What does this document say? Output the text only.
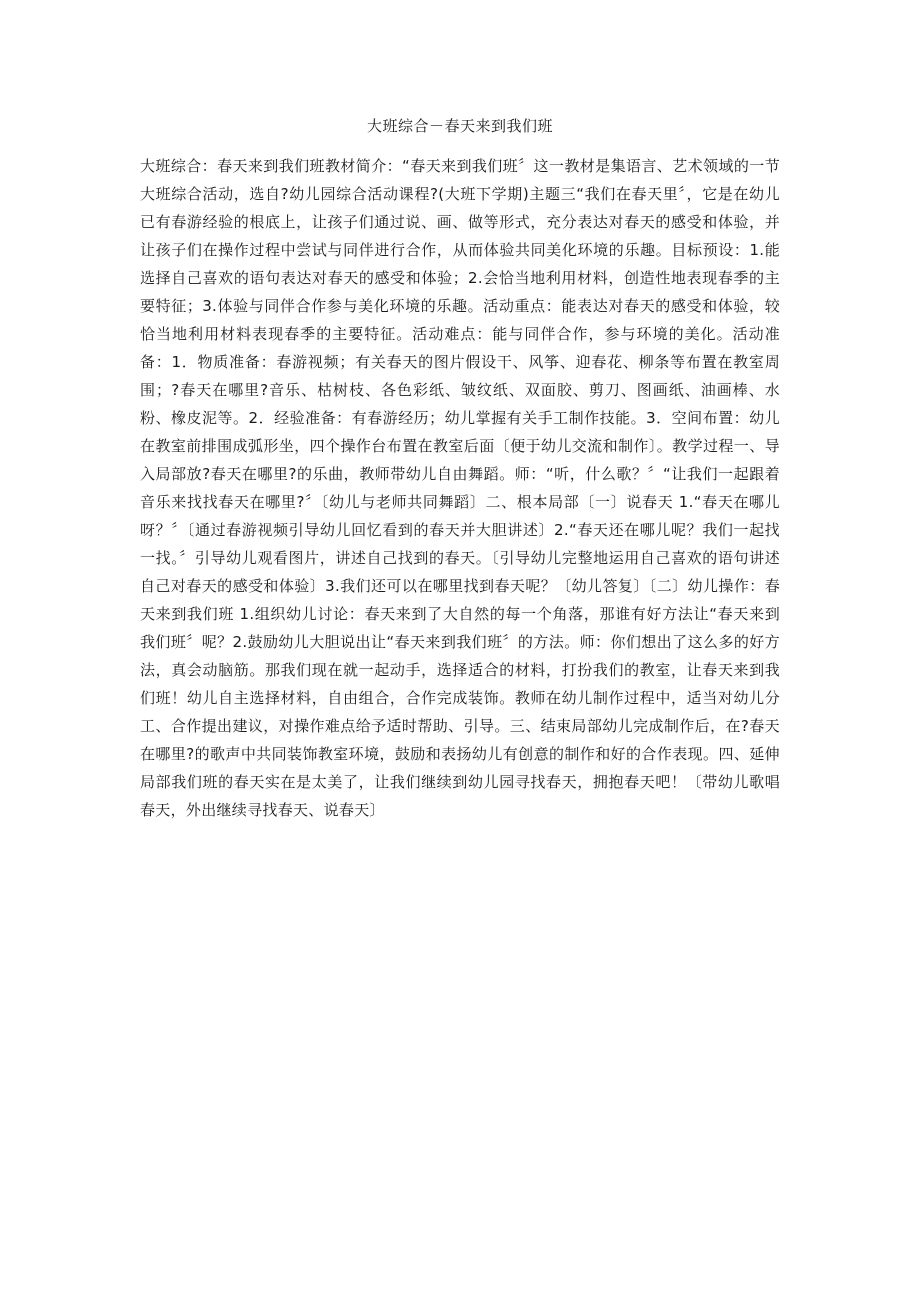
大班综合－春天来到我们班
大班综合：春天来到我们班教材简介：“春天来到我们班〞这一教材是集语言、艺术领域的一节大班综合活动，选自?幼儿园综合活动课程?(大班下学期)主题三“我们在春天里〞，它是在幼儿已有春游经验的根底上，让孩子们通过说、画、做等形式，充分表达对春天的感受和体验，并让孩子们在操作过程中尝试与同伴进行合作，从而体验共同美化环境的乐趣。目标预设：1.能选择自己喜欢的语句表达对春天的感受和体验；2.会恰当地利用材料，创造性地表现春季的主要特征；3.体验与同伴合作参与美化环境的乐趣。活动重点：能表达对春天的感受和体验，较恰当地利用材料表现春季的主要特征。活动难点：能与同伴合作，参与环境的美化。活动准备：1．物质准备：春游视频；有关春天的图片假设干、风筝、迎春花、柳条等布置在教室周围；?春天在哪里?音乐、枯树枝、各色彩纸、皱纹纸、双面胶、剪刀、图画纸、油画棒、水粉、橡皮泥等。2．经验准备：有春游经历；幼儿掌握有关手工制作技能。3．空间布置：幼儿在教室前排围成弧形坐，四个操作台布置在教室后面〔便于幼儿交流和制作〕。教学过程一、导入局部放?春天在哪里?的乐曲，教师带幼儿自由舞蹈。师：“听，什么歌？〞“让我们一起跟着音乐来找找春天在哪里?〞〔幼儿与老师共同舞蹈〕二、根本局部〔一〕说春天 1.“春天在哪儿呀？〞〔通过春游视频引导幼儿回忆看到的春天并大胆讲述〕2.“春天还在哪儿呢？我们一起找一找。〞引导幼儿观看图片，讲述自己找到的春天。〔引导幼儿完整地运用自己喜欢的语句讲述自己对春天的感受和体验〕3.我们还可以在哪里找到春天呢？〔幼儿答复〕〔二〕幼儿操作：春天来到我们班 1.组织幼儿讨论：春天来到了大自然的每一个角落，那谁有好方法让“春天来到我们班〞呢？2.鼓励幼儿大胆说出让“春天来到我们班〞的方法。师：你们想出了这么多的好方法，真会动脑筋。那我们现在就一起动手，选择适合的材料，打扮我们的教室，让春天来到我们班！幼儿自主选择材料，自由组合，合作完成装饰。教师在幼儿制作过程中，适当对幼儿分工、合作提出建议，对操作难点给予适时帮助、引导。三、结束局部幼儿完成制作后，在?春天在哪里?的歌声中共同装饰教室环境，鼓励和表扬幼儿有创意的制作和好的合作表现。四、延伸局部我们班的春天实在是太美了，让我们继续到幼儿园寻找春天，拥抱春天吧！〔带幼儿歌唱春天，外出继续寻找春天、说春天〕
